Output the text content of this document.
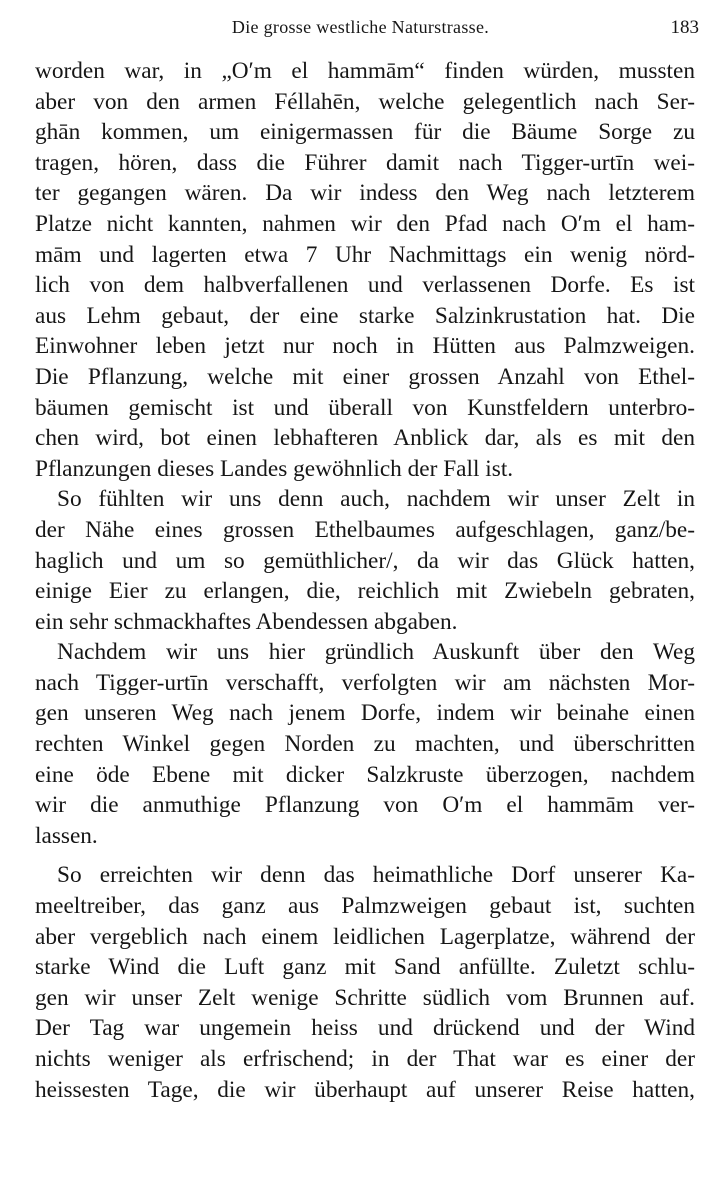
Die grosse westliche Naturstrasse.	183
worden war, in „Oʹm el hammām“ finden würden, mussten
aber von den armen Féllahēn, welche gelegentlich nach Ser-
ghān kommen, um einigermassen für die Bäume Sorge zu
tragen, hören, dass die Führer damit nach Tigger-urtīn wei-
ter gegangen wären. Da wir indess den Weg nach letzterem
Platze nicht kannten, nahmen wir den Pfad nach Oʹm el ham-
mām und lagerten etwa 7 Uhr Nachmittags ein wenig nörd-
lich von dem halbverfallenen und verlassenen Dorfe. Es ist
aus Lehm gebaut, der eine starke Salzinkrustation hat. Die
Einwohner leben jetzt nur noch in Hütten aus Palmzweigen.
Die Pflanzung, welche mit einer grossen Anzahl von Ethel-
bäumen gemischt ist und überall von Kunstfeldern unterbro-
chen wird, bot einen lebhafteren Anblick dar, als es mit den
Pflanzungen dieses Landes gewöhnlich der Fall ist.
So fühlten wir uns denn auch, nachdem wir unser Zelt in
der Nähe eines grossen Ethelbaumes aufgeschlagen, ganz/be-
haglich und um so gemüthlicher/, da wir das Glück hatten,
einige Eier zu erlangen, die, reichlich mit Zwiebeln gebraten,
ein sehr schmackhaftes Abendessen abgaben.
Nachdem wir uns hier gründlich Auskunft über den Weg
nach Tigger-urtīn verschafft, verfolgten wir am nächsten Mor-
gen unseren Weg nach jenem Dorfe, indem wir beinahe einen
rechten Winkel gegen Norden zu machten, und überschritten
eine öde Ebene mit dicker Salzkruste überzogen, nachdem
wir die anmuthige Pflanzung von Oʹm el hammām ver-
lassen.
So erreichten wir denn das heimathliche Dorf unserer Ka-
meeltreiber, das ganz aus Palmzweigen gebaut ist, suchten
aber vergeblich nach einem leidlichen Lagerplatze, während der
starke Wind die Luft ganz mit Sand anfüllte. Zuletzt schlu-
gen wir unser Zelt wenige Schritte südlich vom Brunnen auf.
Der Tag war ungemein heiss und drückend und der Wind
nichts weniger als erfrischend; in der That war es einer der
heissesten Tage, die wir überhaupt auf unserer Reise hatten,
